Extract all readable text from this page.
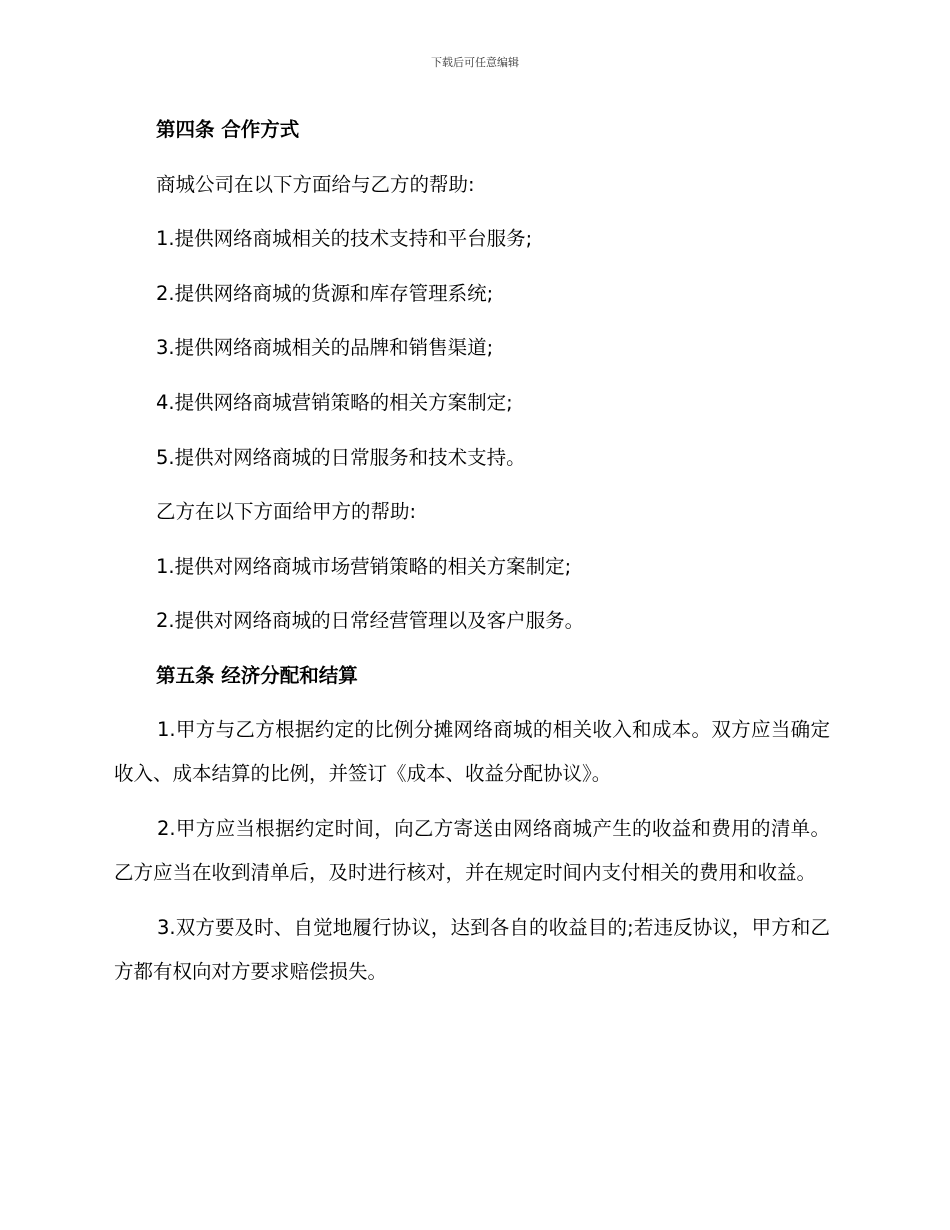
下载后可任意编辑

第四条 合作方式

商城公司在以下方面给与乙方的帮助:

1.提供网络商城相关的技术支持和平台服务;

2.提供网络商城的货源和库存管理系统;

3.提供网络商城相关的品牌和销售渠道;

4.提供网络商城营销策略的相关方案制定;

5.提供对网络商城的日常服务和技术支持。

乙方在以下方面给甲方的帮助:

1.提供对网络商城市场营销策略的相关方案制定;

2.提供对网络商城的日常经营管理以及客户服务。

第五条 经济分配和结算

1.甲方与乙方根据约定的比例分摊网络商城的相关收入和成本。双方应当确定收入、成本结算的比例，并签订《成本、收益分配协议》。

2.甲方应当根据约定时间，向乙方寄送由网络商城产生的收益和费用的清单。乙方应当在收到清单后，及时进行核对，并在规定时间内支付相关的费用和收益。

3.双方要及时、自觉地履行协议，达到各自的收益目的;若违反协议，甲方和乙方都有权向对方要求赔偿损失。
